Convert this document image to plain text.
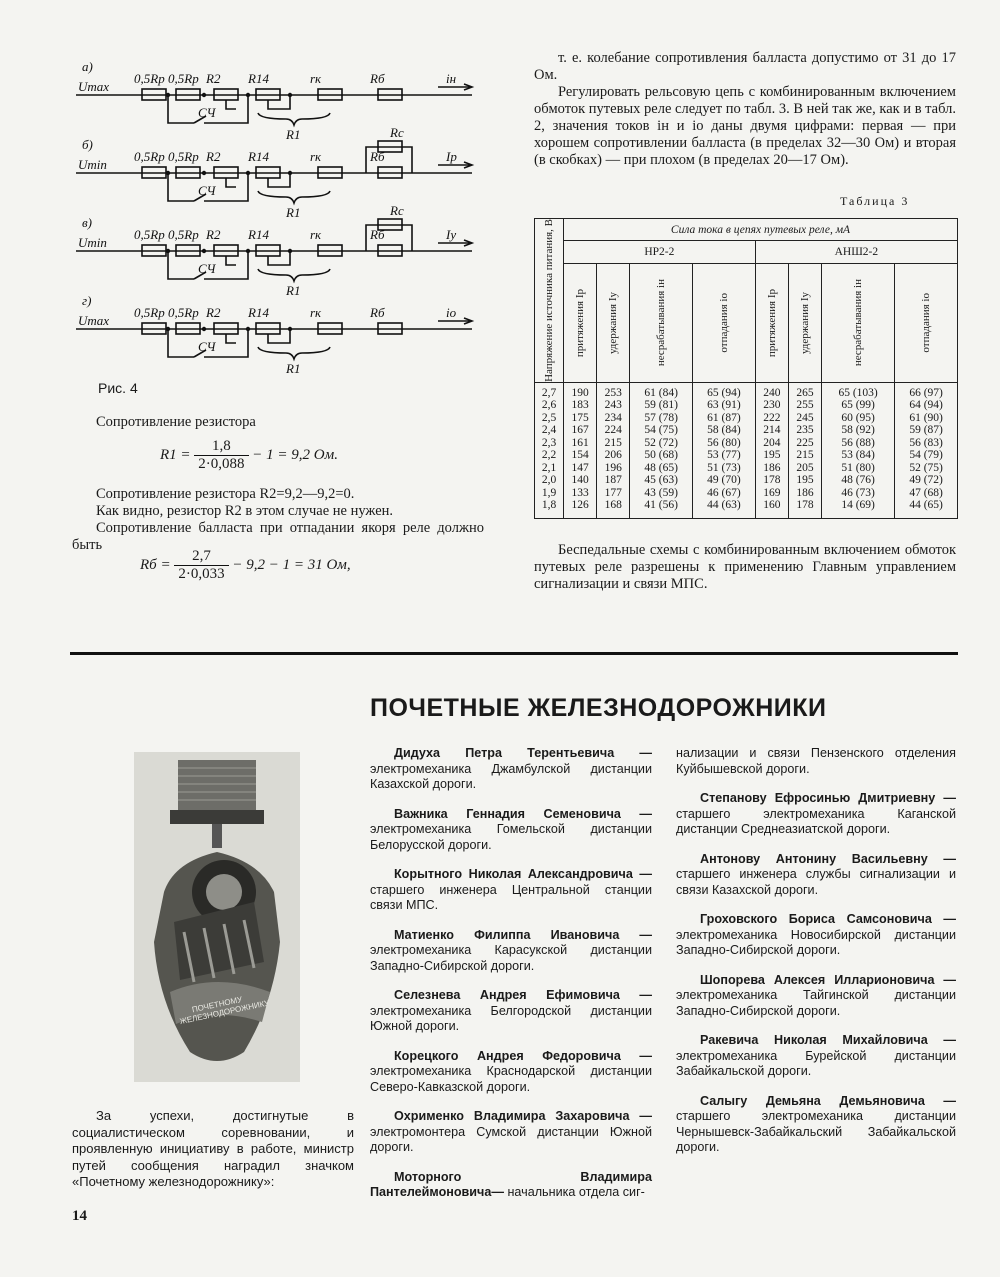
а)
Umax
0,5Rр 0,5Rр R2 R14	rк	Rб
СЧ
R1
iн
б)
Umin
0,5Rр 0,5Rр R2 R14	rк	Rб
СЧ
R1
Rс
Iр
в)
Umin
0,5Rр 0,5Rр R2 R14	rк	Rб
СЧ
R1
Rс
Iу
г)
Umax
0,5Rр 0,5Rр R2 R14	rк	Rб
СЧ
R1
iо
Рис. 4
Сопротивление резистора
$R1 = \frac{1,8}{2\cdot 0,088} - 1 = 9,2$ Ом.
Сопротивление резистора R2=9,2—9,2=0.
Как видно, резистор R2 в этом случае не нужен.
Сопротивление балласта при отпадании якоря реле должно быть
Rб = $\frac{2,7}{2\cdot 0,033} - 9,2 - 1 = 31$ Ом,
т. е. колебание сопротивления балласта допустимо от 31 до 17 Ом.
Регулировать рельсовую цепь с комбинированным включением обмоток путевых реле следует по табл. 3. В ней так же, как и в табл. 2, значения токов iн и iо даны двумя цифрами: первая — при хорошем сопротивлении балласта (в пределах 32—30 Ом) и вторая (в скобках) — при плохом (в пределах 20—17 Ом).
Таблица 3
Напряжение источника питания, В	Сила тока в цепях путевых реле, мА							
	НР2-2				АНШ2-2			

	притяжения Iр	удержания Iу	несрабатывания iн	отпадания iо	притяжения Iр	удержания Iу	несрабатывания iн	отпадания iо

2,7	190	253	61 (84)	65 (94)	240	265	65 (103)	66 (97)
2,6	183	243	59 (81)	63 (91)	230	255	65 (99)	64 (94)
2,5	175	234	57 (78)	61 (87)	222	245	60 (95)	61 (90)
2,4	167	224	54 (75)	58 (84)	214	235	58 (92)	59 (87)
2,3	161	215	52 (72)	56 (80)	204	225	56 (88)	56 (83)
2,2	154	206	50 (68)	53 (77)	195	215	53 (84)	54 (79)
2,1	147	196	48 (65)	51 (73)	186	205	51 (80)	52 (75)
2,0	140	187	45 (63)	49 (70)	178	195	48 (76)	49 (72)
1,9	133	177	43 (59)	46 (67)	169	186	46 (73)	47 (68)
1,8	126	168	41 (56)	44 (63)	160	178	14 (69)	44 (65)
Беспедальные схемы с комбинированным включением обмоток путевых реле разрешены к применению Главным управлением сигнализации и связи МПС.
ПОЧЕТНЫЕ ЖЕЛЕЗНОДОРОЖНИКИ
ПОЧЕТНОМУ ЖЕЛЕЗНОДОРОЖНИКУ
За успехи, достигнутые в социалистическом соревновании, и проявленную инициативу в работе, министр путей сообщения наградил значком «Почетному железнодорожнику»:

Дидуха Петра Терентьевича — электромеханика Джамбулской дистанции Казахской дороги.

Важника Геннадия Семеновича — электромеханика Гомельской дистанции Белорусской дороги.

Корытного Николая Александровича — старшего инженера Центральной станции связи МПС.

Матиенко Филиппа Ивановича — электромеханика Карасукской дистанции Западно-Сибирской дороги.

Селезнева Андрея Ефимовича — электромеханика Белгородской дистанции Южной дороги.

Корецкого Андрея Федоровича — электромеханика Краснодарской дистанции Северо-Кавказской дороги.

Охрименко Владимира Захаровича — электромонтера Сумской дистанции Южной дороги.

Моторного Владимира Пантелеймоновича— начальника отдела сиг-

нализации и связи Пензенского отделения Куйбышевской дороги.

Степанову Ефросинью Дмитриевну — старшего электромеханика Каганской дистанции Среднеазиатской дороги.

Антонову Антонину Васильевну — старшего инженера службы сигнализации и связи Казахской дороги.

Гроховского Бориса Самсоновича — электромеханика Новосибирской дистанции Западно-Сибирской дороги.

Шопорева Алексея Илларионовича — электромеханика Тайгинской дистанции Западно-Сибирской дороги.

Ракевича Николая Михайловича — электромеханика Бурейской дистанции Забайкальской дороги.

Салыгу Демьяна Демьяновича — старшего электромеханика дистанции Чернышевск-Забайкальский Забайкальской дороги.

14
